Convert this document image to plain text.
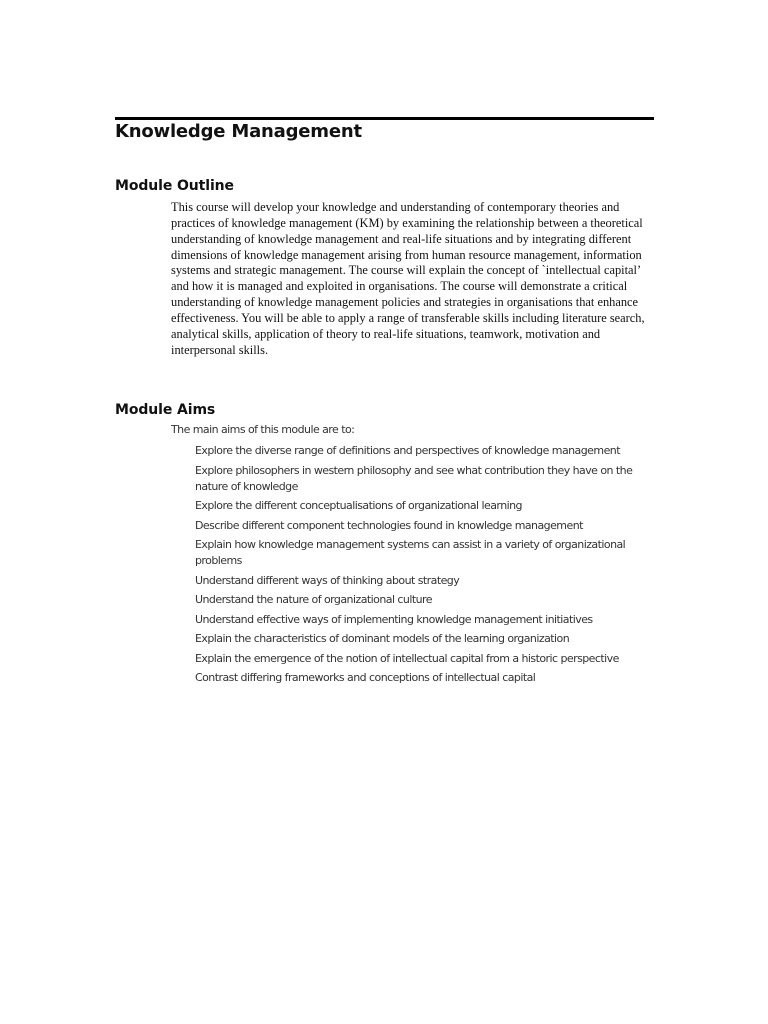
Knowledge Management
Module Outline

This course will develop your knowledge and understanding of contemporary theories and practices of knowledge management (KM) by examining the relationship between a theoretical understanding of knowledge management and real-life situations and by integrating different dimensions of knowledge management arising from human resource management, information systems and strategic management. The course will explain the concept of `intellectual capital’ and how it is managed and exploited in organisations. The course will demonstrate a critical understanding of knowledge management policies and strategies in organisations that enhance effectiveness. You will be able to apply a range of transferable skills including literature search, analytical skills, application of theory to real-life situations, teamwork, motivation and interpersonal skills.

Module Aims
The main aims of this module are to:
Explore the diverse range of definitions and perspectives of knowledge management
Explore philosophers in western philosophy and see what contribution they have on the nature of knowledge
Explore the different conceptualisations of organizational learning
Describe different component technologies found in knowledge management
Explain how knowledge management systems can assist in a variety of organizational problems
Understand different ways of thinking about strategy
Understand the nature of organizational culture
Understand effective ways of implementing knowledge management initiatives
Explain the characteristics of dominant models of the learning organization
Explain the emergence of the notion of intellectual capital from a historic perspective
Contrast differing frameworks and conceptions of intellectual capital
